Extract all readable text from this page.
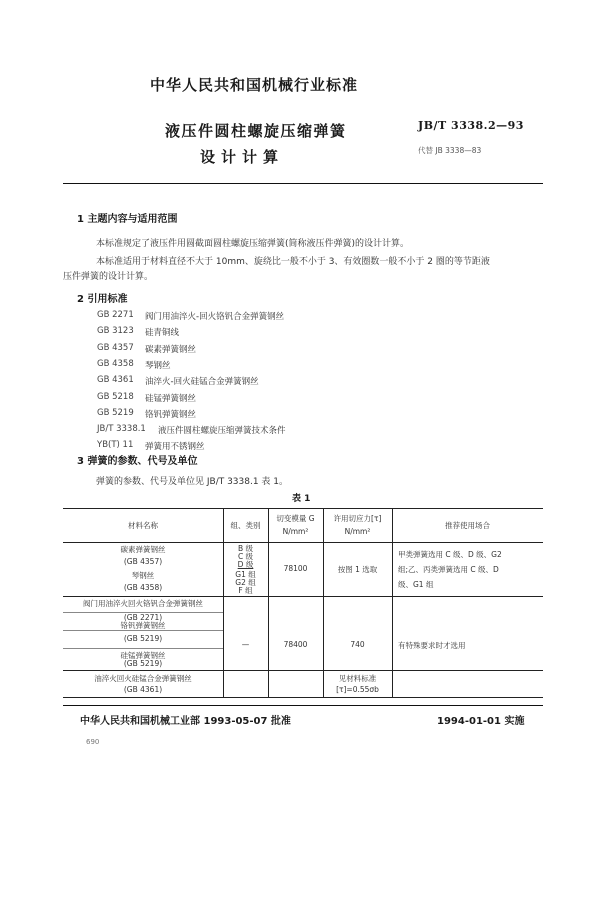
中华人民共和国机械行业标准
液压件圆柱螺旋压缩弹簧
设计计算
JB/T 3338.2—93
代替 JB 3338—83
1 主题内容与适用范围
本标准规定了液压件用圆截面圆柱螺旋压缩弹簧(简称液压件弹簧)的设计计算。
本标准适用于材料直径不大于 10mm、旋绕比一般不小于 3、有效圈数一般不小于 2 圈的等节距液
压件弹簧的设计计算。
2 引用标准
GB 2271 阀门用油淬火-回火铬钒合金弹簧钢丝
GB 3123 硅青铜线
GB 4357 碳素弹簧钢丝
GB 4358 琴钢丝
GB 4361 油淬火-回火硅锰合金弹簧钢丝
GB 5218 硅锰弹簧钢丝
GB 5219 铬钒弹簧钢丝
JB/T 3338.1 液压件圆柱螺旋压缩弹簧技术条件
YB(T) 11 弹簧用不锈钢丝
3 弹簧的参数、代号及单位
弹簧的参数、代号及单位见 JB/T 3338.1 表 1。
表 1
材料名称	组、类别
切变模量 G
N/mm²
许用切应力[τ]
N/mm²
推荐使用场合
碳素弹簧钢丝
(GB 4357)
琴钢丝
(GB 4358)
阀门用油淬火回火铬钒合金弹簧钢丝
(GB 2271)
铬钒弹簧钢丝
(GB 5219)
硅锰弹簧钢丝
(GB 5219)
油淬火回火硅锰合金弹簧钢丝
(GB 4361)
B 级
C 级
D 级
G1 组
G2 组
F 组
—
78100
78400
按图 1 选取
740
见材料标准
[τ]=0.55σb
甲类弹簧选用 C 级、D 级、G2
组;乙、丙类弹簧选用 C 级、D
级、G1 组
有特殊要求时才选用
中华人民共和国机械工业部 1993-05-07 批准	1994-01-01 实施
690
